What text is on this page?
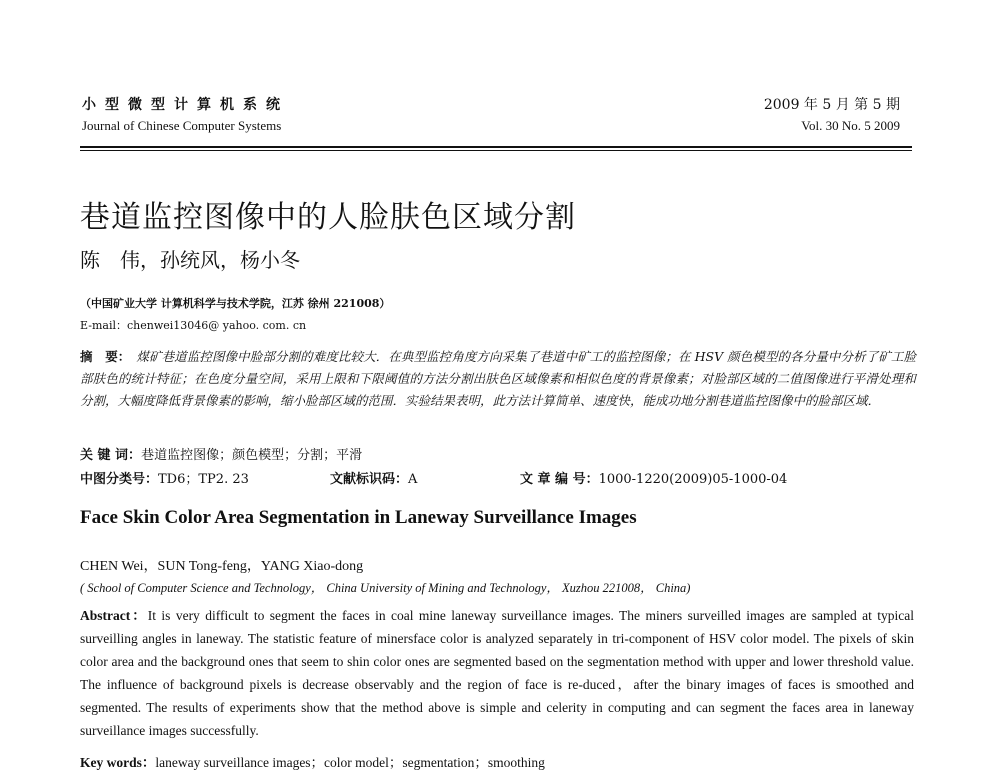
小型微型计算机系统
Journal of Chinese Computer Systems
2009 年 5 月 第 5 期
Vol. 30 No. 5 2009
巷道监控图像中的人脸肤色区域分割
陈　伟，孙统风，杨小冬
（中国矿业大学 计算机科学与技术学院，江苏 徐州 221008）
E-mail：chenwei13046@ yahoo. com. cn
摘　要： 煤矿巷道监控图像中脸部分割的难度比较大．在典型监控角度方向采集了巷道中矿工的监控图像；在 HSV 颜色模型的各分量中分析了矿工脸部肤色的统计特征；在色度分量空间，采用上限和下限阈值的方法分割出肤色区域像素和相似色度的背景像素；对脸部区域的二值图像进行平滑处理和分割，大幅度降低背景像素的影响，缩小脸部区域的范围．实验结果表明，此方法计算简单、速度快，能成功地分割巷道监控图像中的脸部区域．
关 键 词：巷道监控图像；颜色模型；分割；平滑
中图分类号：TD6；TP2. 23	文献标识码：A	文 章 编 号：1000-1220(2009)05-1000-04
Face Skin Color Area Segmentation in Laneway Surveillance Images
CHEN Wei，SUN Tong-feng，YANG Xiao-dong
( School of Computer Science and Technology， China University of Mining and Technology， Xuzhou 221008， China)
Abstract：It is very difficult to segment the faces in coal mine laneway surveillance images. The miners surveilled images are sampled at typical surveilling angles in laneway. The statistic feature of minersface color is analyzed separately in tri-component of HSV color model. The pixels of skin color area and the background ones that seem to shin color ones are segmented based on the segmentation method with upper and lower threshold value. The influence of background pixels is decrease observably and the region of face is re-duced，after the binary images of faces is smoothed and segmented. The results of experiments show that the method above is simple and celerity in computing and can segment the faces area in laneway surveillance images successfully.
Key words：laneway surveillance images；color model；segmentation；smoothing
